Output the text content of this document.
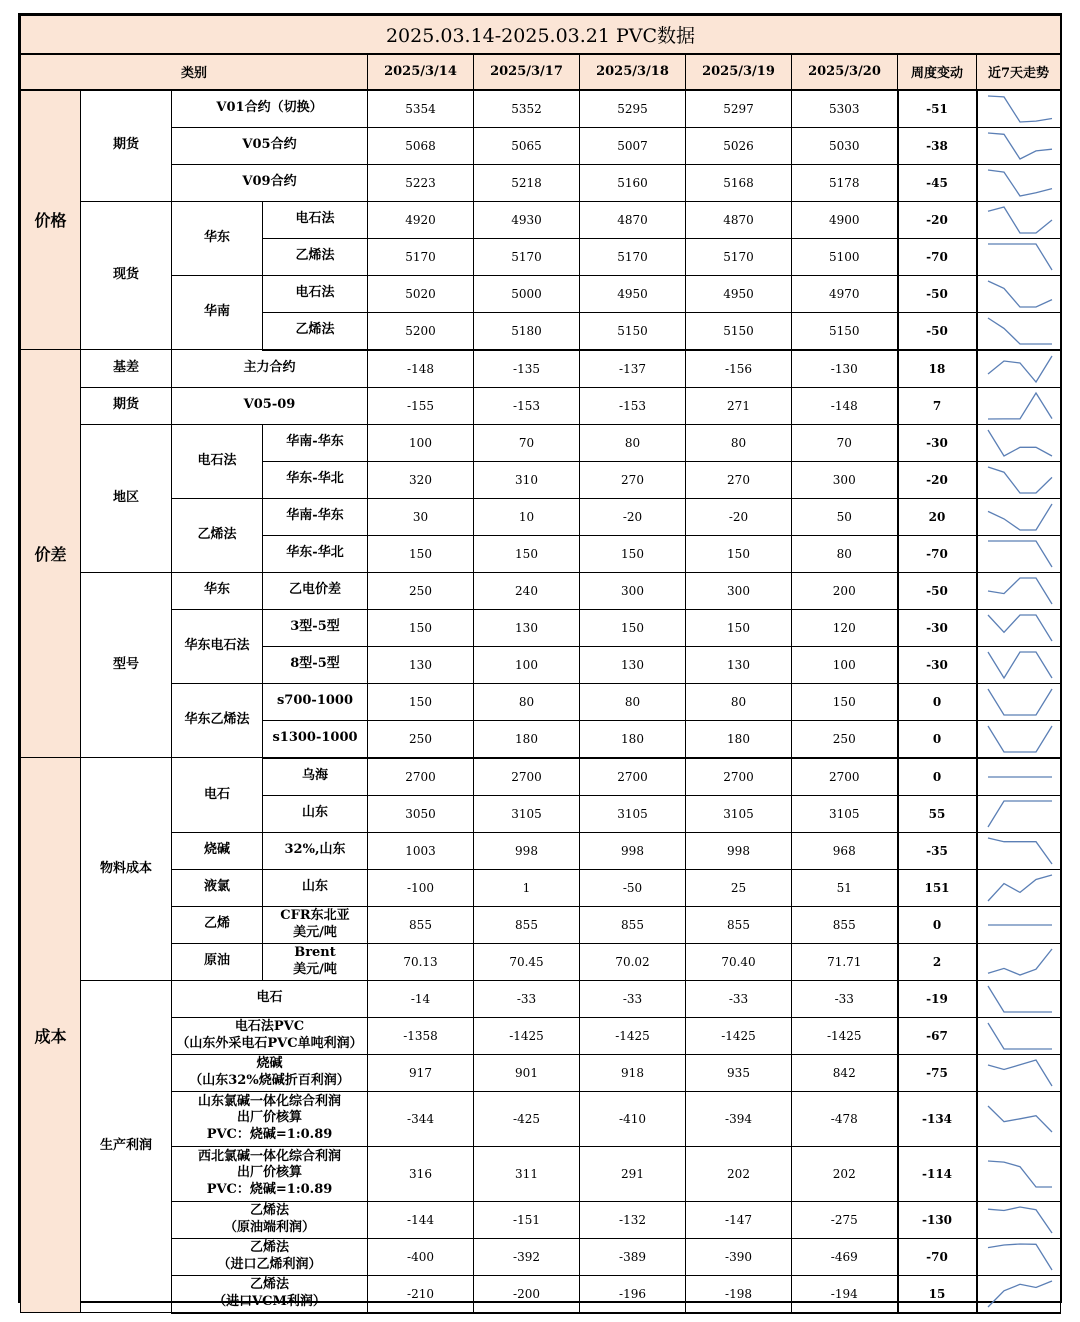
2025.03.14-2025.03.21 PVC数据										
类别				2025/3/14	2025/3/17	2025/3/18	2025/3/19	2025/3/20	周度变动	近7天走势
价格	期货	V01合约（切换）		5354	5352	5295	5297	5303	-51	

		V05合约		5068	5065	5007	5026	5030	-38	

		V09合约		5223	5218	5160	5168	5178	-45	

	现货	华东	电石法	4920	4930	4870	4870	4900	-20	

			乙烯法	5170	5170	5170	5170	5100	-70	

		华南	电石法	5020	5000	4950	4950	4970	-50	

			乙烯法	5200	5180	5150	5150	5150	-50	

价差	基差	主力合约		-148	-135	-137	-156	-130	18	

	期货	V05-09		-155	-153	-153	271	-148	7	

	地区	电石法	华南-华东	100	70	80	80	70	-30	

			华东-华北	320	310	270	270	300	-20	

		乙烯法	华南-华东	30	10	-20	-20	50	20	

			华东-华北	150	150	150	150	80	-70	

	型号	华东	乙电价差	250	240	300	300	200	-50	

		华东电石法	3型-5型	150	130	150	150	120	-30	

			8型-5型	130	100	130	130	100	-30	

		华东乙烯法	s700-1000	150	80	80	80	150	0	

			s1300-1000	250	180	180	180	250	0	

成本	物料成本	电石	乌海	2700	2700	2700	2700	2700	0	

			山东	3050	3105	3105	3105	3105	55	

		烧碱	32%,山东	1003	998	998	998	968	-35	

		液氯	山东	-100	1	-50	25	51	151	

		乙烯	CFR东北亚
美元/吨	855	855	855	855	855	0	

		原油	Brent
美元/吨	70.13	70.45	70.02	70.40	71.71	2	

	生产利润	电石		-14	-33	-33	-33	-33	-19	

		电石法PVC
（山东外采电石PVC单吨利润）		-1358	-1425	-1425	-1425	-1425	-67	

		烧碱
（山东32%烧碱折百利润）		917	901	918	935	842	-75	

		山东氯碱一体化综合利润
出厂价核算
PVC：烧碱=1:0.89		-344	-425	-410	-394	-478	-134	

		西北氯碱一体化综合利润
出厂价核算
PVC：烧碱=1:0.89		316	311	291	202	202	-114	

		乙烯法
（原油端利润）		-144	-151	-132	-147	-275	-130	

		乙烯法
（进口乙烯利润）		-400	-392	-389	-390	-469	-70	

		乙烯法
（进口VCM利润）		-210	-200	-196	-198	-194	15	
